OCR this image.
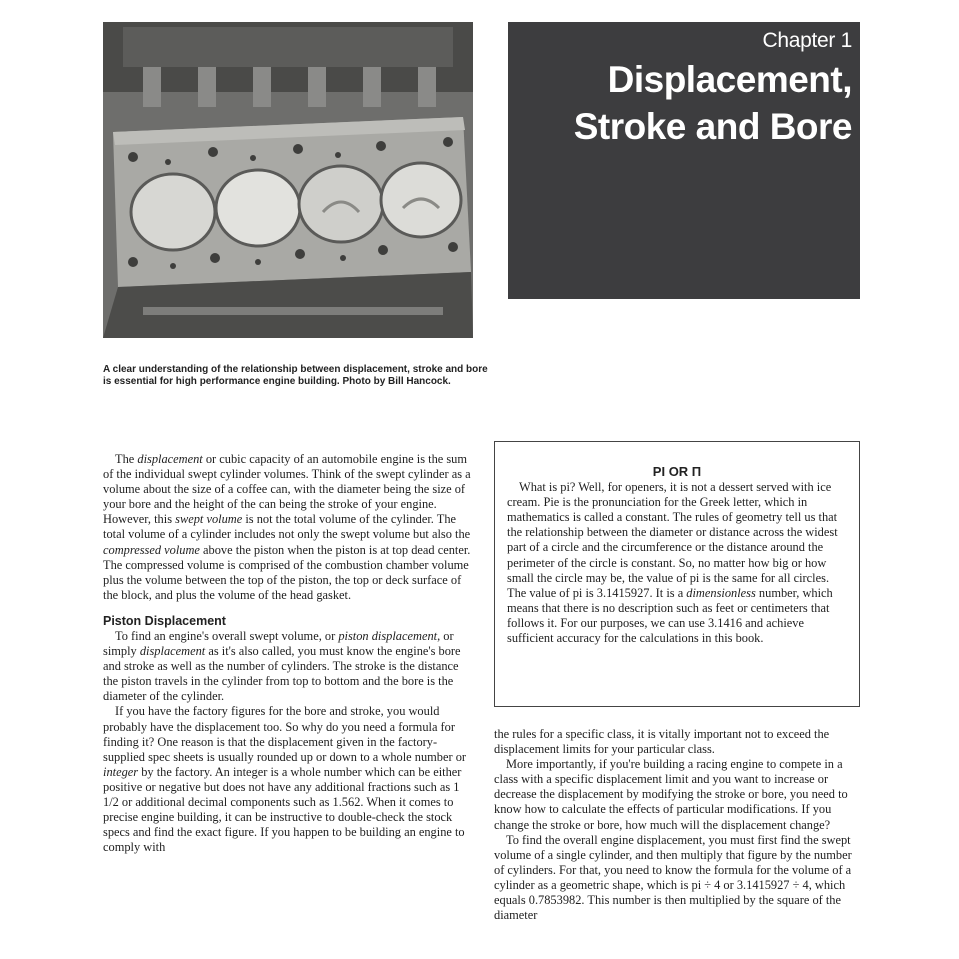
A clear understanding of the relationship between displacement, stroke and bore is essential for high performance engine building. Photo by Bill Hancock.
Chapter 1
Displacement,
Stroke and Bore

The displacement or cubic capacity of an automobile engine is the sum of the individual swept cylinder volumes. Think of the swept cylinder as a volume about the size of a coffee can, with the diameter being the size of your bore and the height of the can being the stroke of your engine. However, this swept volume is not the total volume of the cylinder. The total volume of a cylinder includes not only the swept volume but also the compressed volume above the piston when the piston is at top dead center. The compressed volume is comprised of the combustion chamber volume plus the volume between the top of the piston, the top or deck surface of the block, and plus the volume of the head gasket.

Piston Displacement

To find an engine's overall swept volume, or piston displacement, or simply displacement as it's also called, you must know the engine's bore and stroke as well as the number of cylinders. The stroke is the distance the piston travels in the cylinder from top to bottom and the bore is the diameter of the cylinder.

If you have the factory figures for the bore and stroke, you would probably have the displacement too. So why do you need a formula for finding it? One reason is that the displacement given in the factory-supplied spec sheets is usually rounded up or down to a whole number or integer by the factory. An integer is a whole number which can be either positive or negative but does not have any additional fractions such as 1 1/2 or additional decimal components such as 1.562. When it comes to precise engine building, it can be instructive to double-check the stock specs and find the exact figure. If you happen to be building an engine to comply with

PI OR Π

What is pi? Well, for openers, it is not a dessert served with ice cream. Pie is the pronunciation for the Greek letter, which in mathematics is called a constant. The rules of geometry tell us that the relationship between the diameter or distance across the widest part of a circle and the circumference or the distance around the perimeter of the circle is constant. So, no matter how big or how small the circle may be, the value of pi is the same for all circles. The value of pi is 3.1415927. It is a dimensionless number, which means that there is no description such as feet or centimeters that follows it. For our purposes, we can use 3.1416 and achieve sufficient accuracy for the calculations in this book.

the rules for a specific class, it is vitally important not to exceed the displacement limits for your particular class.

More importantly, if you're building a racing engine to compete in a class with a specific displacement limit and you want to increase or decrease the displacement by modifying the stroke or bore, you need to know how to calculate the effects of particular modifications. If you change the stroke or bore, how much will the displacement change?

To find the overall engine displacement, you must first find the swept volume of a single cylinder, and then multiply that figure by the number of cylinders. For that, you need to know the formula for the volume of a cylinder as a geometric shape, which is pi ÷ 4 or 3.1415927 ÷ 4, which equals 0.7853982. This number is then multiplied by the square of the diameter
